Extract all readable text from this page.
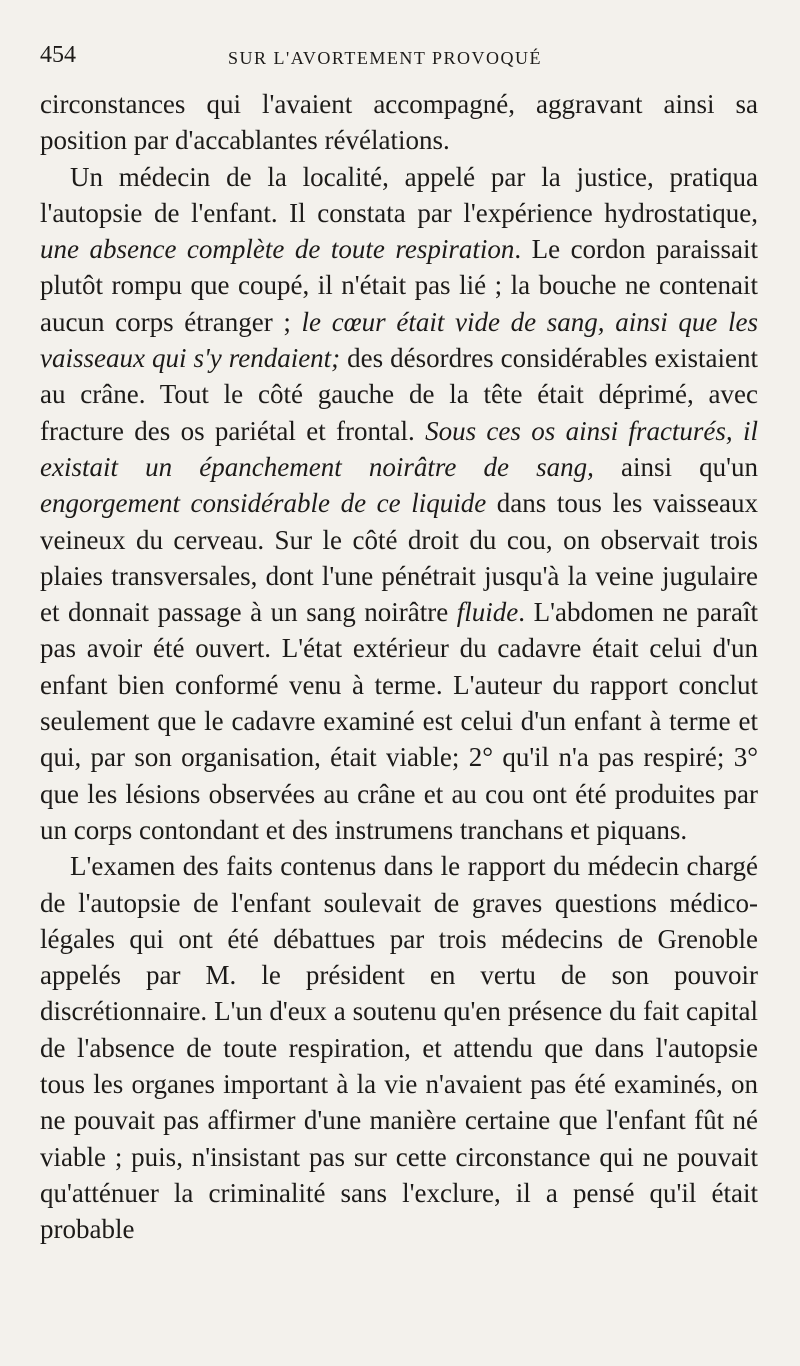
454	SUR L'AVORTEMENT PROVOQUÉ

circonstances qui l'avaient accompagné, aggravant ainsi sa position par d'accablantes révélations.

Un médecin de la localité, appelé par la justice, pratiqua l'autopsie de l'enfant. Il constata par l'expérience hydrostatique, une absence complète de toute respiration. Le cordon paraissait plutôt rompu que coupé, il n'était pas lié ; la bouche ne contenait aucun corps étranger ; le cœur était vide de sang, ainsi que les vaisseaux qui s'y rendaient; des désordres considérables existaient au crâne. Tout le côté gauche de la tête était déprimé, avec fracture des os pariétal et frontal. Sous ces os ainsi fracturés, il existait un épanchement noirâtre de sang, ainsi qu'un engorgement considérable de ce liquide dans tous les vaisseaux veineux du cerveau. Sur le côté droit du cou, on observait trois plaies transversales, dont l'une pénétrait jusqu'à la veine jugulaire et donnait passage à un sang noirâtre fluide. L'abdomen ne paraît pas avoir été ouvert. L'état extérieur du cadavre était celui d'un enfant bien conformé venu à terme. L'auteur du rapport conclut seulement que le cadavre examiné est celui d'un enfant à terme et qui, par son organisation, était viable; 2° qu'il n'a pas respiré; 3° que les lésions observées au crâne et au cou ont été produites par un corps contondant et des instrumens tranchans et piquans.

L'examen des faits contenus dans le rapport du médecin chargé de l'autopsie de l'enfant soulevait de graves questions médico-légales qui ont été débattues par trois médecins de Grenoble appelés par M. le président en vertu de son pouvoir discrétionnaire. L'un d'eux a soutenu qu'en présence du fait capital de l'absence de toute respiration, et attendu que dans l'autopsie tous les organes important à la vie n'avaient pas été examinés, on ne pouvait pas affirmer d'une manière certaine que l'enfant fût né viable ; puis, n'insistant pas sur cette circonstance qui ne pouvait qu'atténuer la criminalité sans l'exclure, il a pensé qu'il était probable
